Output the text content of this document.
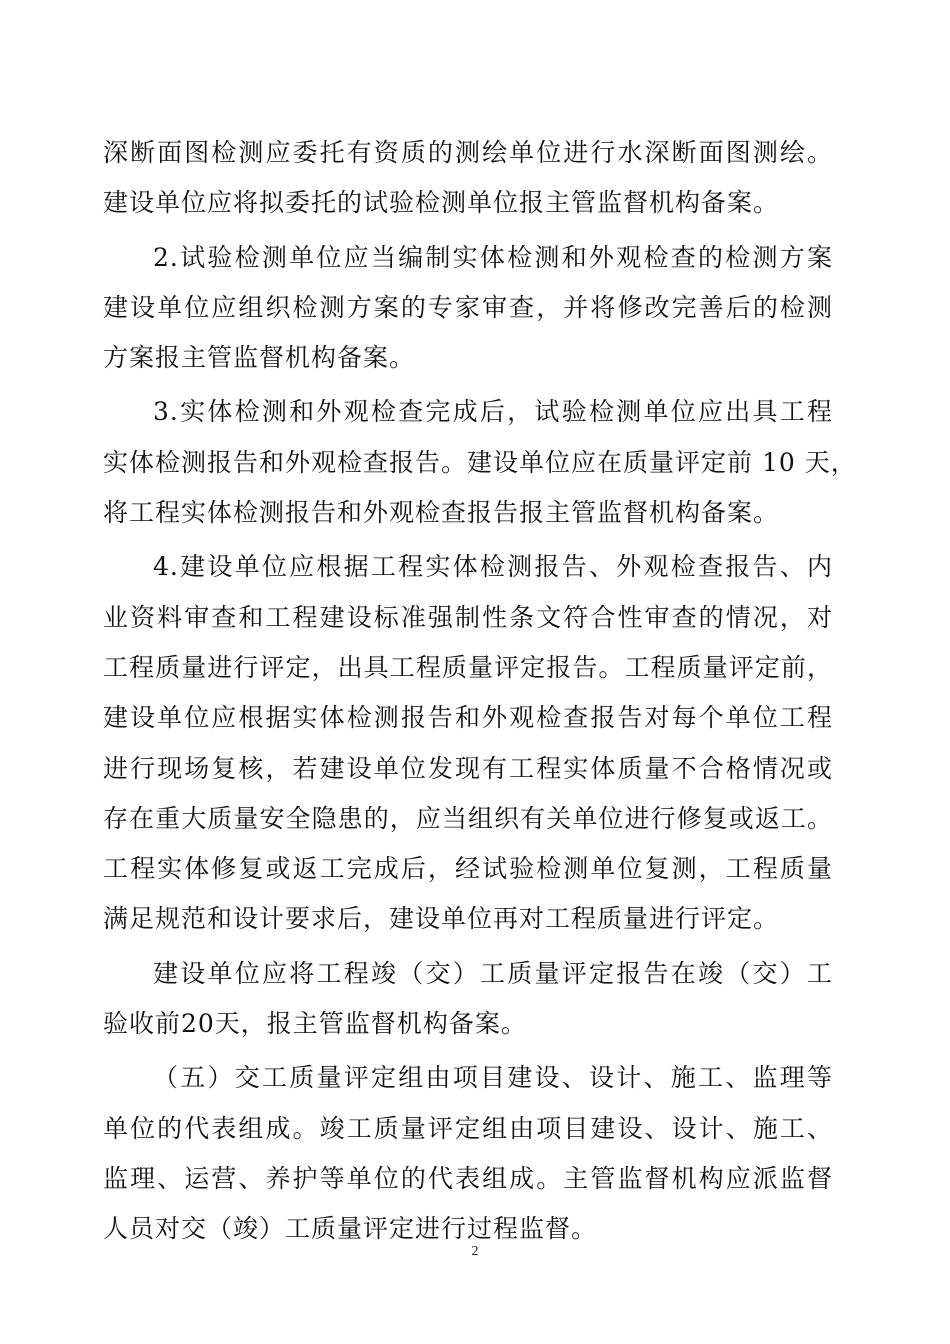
深断面图检测应委托有资质的测绘单位进行水深断面图测绘。
建设单位应将拟委托的试验检测单位报主管监督机构备案。
2.试验检测单位应当编制实体检测和外观检查的检测方案
建设单位应组织检测方案的专家审查，并将修改完善后的检测
方案报主管监督机构备案。
3.实体检测和外观检查完成后，试验检测单位应出具工程
实体检测报告和外观检查报告。建设单位应在质量评定前 10 天，
将工程实体检测报告和外观检查报告报主管监督机构备案。
4.建设单位应根据工程实体检测报告、外观检查报告、内
业资料审查和工程建设标准强制性条文符合性审查的情况，对
工程质量进行评定，出具工程质量评定报告。工程质量评定前，
建设单位应根据实体检测报告和外观检查报告对每个单位工程
进行现场复核，若建设单位发现有工程实体质量不合格情况或
存在重大质量安全隐患的，应当组织有关单位进行修复或返工。
工程实体修复或返工完成后，经试验检测单位复测，工程质量
满足规范和设计要求后，建设单位再对工程质量进行评定。
建设单位应将工程竣（交）工质量评定报告在竣（交）工
验收前20天，报主管监督机构备案。
（五）交工质量评定组由项目建设、设计、施工、监理等
单位的代表组成。竣工质量评定组由项目建设、设计、施工、
监理、运营、养护等单位的代表组成。主管监督机构应派监督
人员对交（竣）工质量评定进行过程监督。
2
